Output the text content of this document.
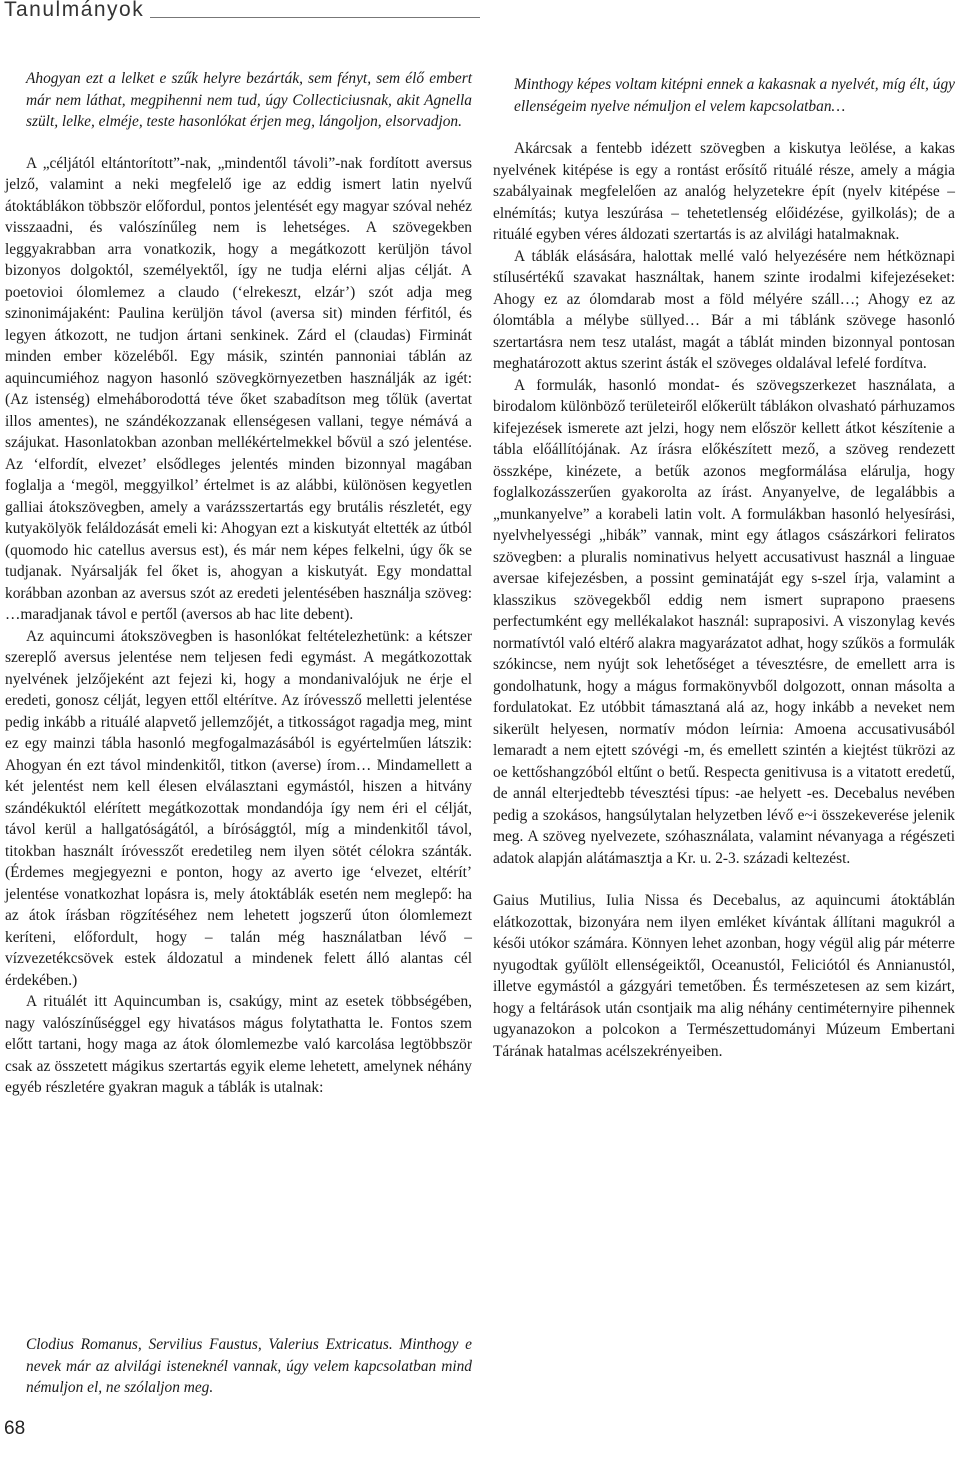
Tanulmányok

Ahogyan ezt a lelket e szűk helyre bezárták, sem fényt, sem élő embert már nem láthat, megpihenni nem tud, úgy Collecticiusnak, akit Agnella szült, lelke, elméje, teste hasonlókat érjen meg, lángoljon, elsorvadjon.

A „céljától eltántorított”-nak, „mindentől távoli”-nak fordított aversus jelző, valamint a neki megfelelő ige az eddig ismert latin nyelvű átoktáblákon többször előfordul, pontos jelentését egy magyar szóval nehéz visszaadni, és valószínűleg nem is lehetséges. A szövegekben leggyakrabban arra vonatkozik, hogy a megátkozott kerüljön távol bizonyos dolgoktól, személyektől, így ne tudja elérni aljas célját. A poetovioi ólomlemez a claudo (‘elrekeszt, elzár’) szót adja meg szinonimájaként: Paulina kerüljön távol (aversa sit) minden férfitól, és legyen átkozott, ne tudjon ártani senkinek. Zárd el (claudas) Firminát minden ember közeléből. Egy másik, szintén pannoniai táblán az aquincumiéhoz nagyon hasonló szövegkörnyezetben használják az igét: (Az istenség) elmeháborodottá téve őket szabadítson meg tőlük (avertat illos amentes), ne szándékozzanak ellenségesen vallani, tegye némává a szájukat. Hasonlatokban azonban mellékértelmekkel bővül a szó jelentése. Az ‘elfordít, elvezet’ elsődleges jelentés minden bizonnyal magában foglalja a ‘megöl, meggyilkol’ értelmet is az alábbi, különösen kegyetlen galliai átokszövegben, amely a varázsszertartás egy brutális részletét, egy kutyakölyök feláldozását emeli ki: Ahogyan ezt a kiskutyát eltették az útból (quomodo hic catellus aversus est), és már nem képes felkelni, úgy ők se tudjanak. Nyársalják fel őket is, ahogyan a kiskutyát. Egy mondattal korábban azonban az aversus szót az eredeti jelentésében használja szöveg: …maradjanak távol e pertől (aversos ab hac lite debent).

Az aquincumi átokszövegben is hasonlókat feltételezhetünk: a kétszer szereplő aversus jelentése nem teljesen fedi egymást. A megátkozottak nyelvének jelzőjeként azt fejezi ki, hogy a mondanivalójuk ne érje el eredeti, gonosz célját, legyen ettől eltérítve. Az íróvessző melletti jelentése pedig inkább a rituálé alapvető jellemzőjét, a titkosságot ragadja meg, mint ez egy mainzi tábla hasonló megfogalmazásából is egyértelműen látszik: Ahogyan én ezt távol mindenkitől, titkon (averse) írom… Mindamellett a két jelentést nem kell élesen elválasztani egymástól, hiszen a hitvány szándékuktól elérített megátkozottak mondandója így nem éri el célját, távol kerül a hallgatóságától, a bírósággtól, míg a mindenkitől távol, titokban használt íróvesszőt eredetileg nem ilyen sötét célokra szánták. (Érdemes megjegyezni e ponton, hogy az averto ige ‘elvezet, eltérít’ jelentése vonatkozhat lopásra is, mely átoktáblák esetén nem meglepő: ha az átok írásban rögzítéséhez nem lehetett jogszerű úton ólomlemezt keríteni, előfordult, hogy – talán még használatban lévő – vízvezetékcsövek estek áldozatul a mindenek felett álló alantas cél érdekében.)

A rituálét itt Aquincumban is, csakúgy, mint az esetek többségében, nagy valószínűséggel egy hivatásos mágus folytathatta le. Fontos szem előtt tartani, hogy maga az átok ólomlemezbe való karcolása legtöbbször csak az összetett mágikus szertartás egyik eleme lehetett, amelynek néhány egyéb részletére gyakran maguk a táblák is utalnak:

Clodius Romanus, Servilius Faustus, Valerius Extricatus. Minthogy e nevek már az alvilági isteneknél vannak, úgy velem kapcsolatban mind némuljon el, ne szólaljon meg.

Minthogy képes voltam kitépni ennek a kakasnak a nyelvét, míg élt, úgy ellenségeim nyelve némuljon el velem kapcsolatban…

Akárcsak a fentebb idézett szövegben a kiskutya leölése, a kakas nyelvének kitépése is egy a rontást erősítő rituálé része, amely a mágia szabályainak megfelelően az analóg helyzetekre épít (nyelv kitépése – elnémítás; kutya leszúrása – tehetetlenség előidézése, gyilkolás); de a rituálé egyben véres áldozati szertartás is az alvilági hatalmaknak.

A táblák elásására, halottak mellé való helyezésére nem hétköznapi stílusértékű szavakat használtak, hanem szinte irodalmi kifejezéseket: Ahogy ez az ólomdarab most a föld mélyére száll…; Ahogy ez az ólomtábla a mélybe süllyed… Bár a mi táblánk szövege hasonló szertartásra nem tesz utalást, magát a táblát minden bizonnyal pontosan meghatározott aktus szerint ásták el szöveges oldalával lefelé fordítva.

A formulák, hasonló mondat- és szövegszerkezet használata, a birodalom különböző területeiről előkerült táblákon olvasható párhuzamos kifejezések ismerete azt jelzi, hogy nem először kellett átkot készítenie a tábla előállítójának. Az írásra előkészített mező, a szöveg rendezett összképe, kinézete, a betűk azonos megformálása elárulja, hogy foglalkozásszerűen gyakorolta az írást. Anyanyelve, de legalábbis a „munkanyelve” a korabeli latin volt. A formulákban hasonló helyesírási, nyelvhelyességi „hibák” vannak, mint egy átlagos császárkori feliratos szövegben: a pluralis nominativus helyett accusativust használ a linguae aversae kifejezésben, a possint geminatáját egy s-szel írja, valamint a klasszikus szövegekből eddig nem ismert suprapono praesens perfectumként egy mellékalakot használ: supraposivi. A viszonylag kevés normatívtól való eltérő alakra magyarázatot adhat, hogy szűkös a formulák szókincse, nem nyújt sok lehetőséget a tévesztésre, de emellett arra is gondolhatunk, hogy a mágus formakönyvből dolgozott, onnan másolta a fordulatokat. Ez utóbbit támasztaná alá az, hogy inkább a neveket nem sikerült helyesen, normatív módon leírnia: Amoena accusativusából lemaradt a nem ejtett szóvégi -m, és emellett szintén a kiejtést tükrözi az oe kettőshangzóból eltűnt o betű. Respecta genitivusa is a vitatott eredetű, de annál elterjedtebb tévesztési típus: -ae helyett -es. Decebalus nevében pedig a szokásos, hangsúlytalan helyzetben lévő e~i összekeverése jelenik meg. A szöveg nyelvezete, szóhasználata, valamint névanyaga a régészeti adatok alapján alátámasztja a Kr. u. 2-3. századi keltezést.

Gaius Mutilius, Iulia Nissa és Decebalus, az aquincumi átoktáblán elátkozottak, bizonyára nem ilyen emléket kívántak állítani magukról a késői utókor számára. Könnyen lehet azonban, hogy végül alig pár méterre nyugodtak gyűlölt ellenségeiktől, Oceanustól, Feliciótól és Annianustól, illetve egymástól a gázgyári temetőben. És természetesen az sem kizárt, hogy a feltárások után csontjaik ma alig néhány centiméternyire pihennek ugyanazokon a polcokon a Természettudományi Múzeum Embertani Tárának hatalmas acélszekrényeiben.

68
